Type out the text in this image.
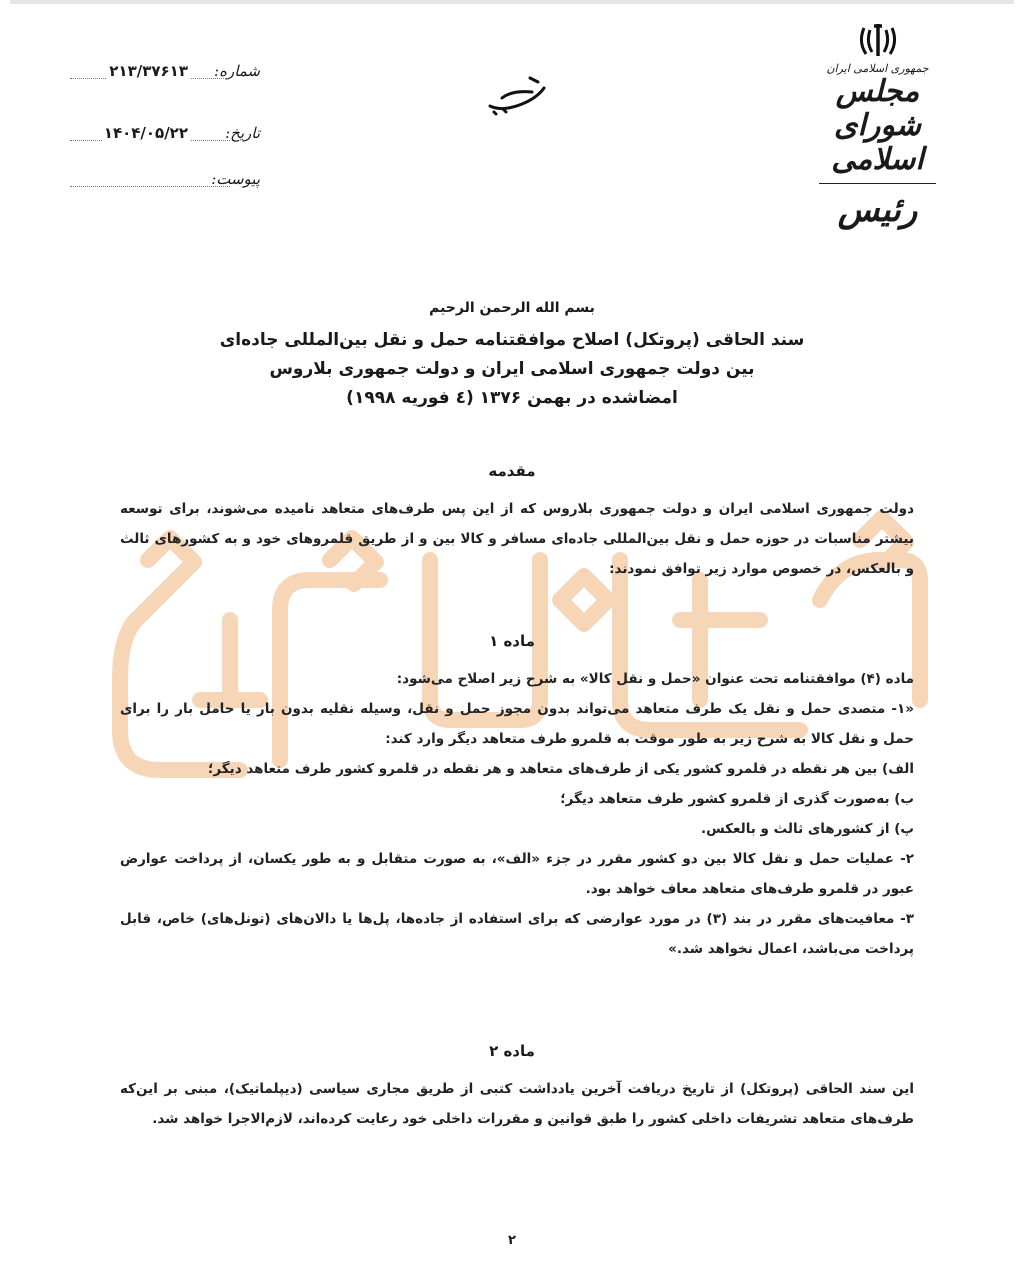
شماره:
۲۱۳/۳۷۶۱۳
تاریخ:
۱۴۰۴/۰۵/۲۲
پیوست:
جمهوری اسلامی ایران
مجلس شورای
اسلامی
رئیس
بسم الله الرحمن الرحیم
سند الحاقی (پروتکل) اصلاح موافقتنامه حمل و نقل بین‌المللی جاده‌ای
بین دولت جمهوری اسلامی ایران و دولت جمهوری بلاروس
امضاشده در بهمن ۱۳۷۶ (٤ فوریه ۱۹۹۸)
مقدمه

دولت جمهوری اسلامی ایران و دولت جمهوری بلاروس که از این پس طرف‌های متعاهد نامیده می‌شوند، برای توسعه بیشتر مناسبات در حوزه حمل و نقل بین‌المللی جاده‌ای مسافر و کالا بین و از طریق قلمروهای خود و به کشورهای ثالث و بالعکس، در خصوص موارد زیر توافق نمودند:

ماده ۱

ماده (۴) موافقتنامه تحت عنوان «حمل و نقل کالا» به شرح زیر اصلاح می‌شود:

«۱- متصدی حمل و نقل یک طرف متعاهد می‌تواند بدون مجوز حمل و نقل، وسیله نقلیه بدون بار یا حامل بار را برای حمل و نقل کالا به شرح زیر به طور موقت به قلمرو طرف متعاهد دیگر وارد کند:

الف) بین هر نقطه در قلمرو کشور یکی از طرف‌های متعاهد و هر نقطه در قلمرو کشور طرف متعاهد دیگر؛

ب) به‌صورت گذری از قلمرو کشور طرف متعاهد دیگر؛

پ) از کشورهای ثالث و بالعکس.

۲- عملیات حمل و نقل کالا بین دو کشور مقرر در جزء «الف»، به صورت متقابل و به طور یکسان، از پرداخت عوارض عبور در قلمرو طرف‌های متعاهد معاف خواهد بود.

۳- معافیت‌های مقرر در بند (۳) در مورد عوارضی که برای استفاده از جاده‌ها، پل‌ها یا دالان‌های (تونل‌های) خاص، قابل پرداخت می‌باشد، اعمال نخواهد شد.»

ماده ۲

این سند الحاقی (پروتکل) از تاریخ دریافت آخرین یادداشت کتبی از طریق مجاری سیاسی (دیپلماتیک)، مبنی بر این‌که طرف‌های متعاهد تشریفات داخلی کشور را طبق قوانین و مقررات داخلی خود رعایت کرده‌اند، لازم‌الاجرا خواهد شد.

۲
